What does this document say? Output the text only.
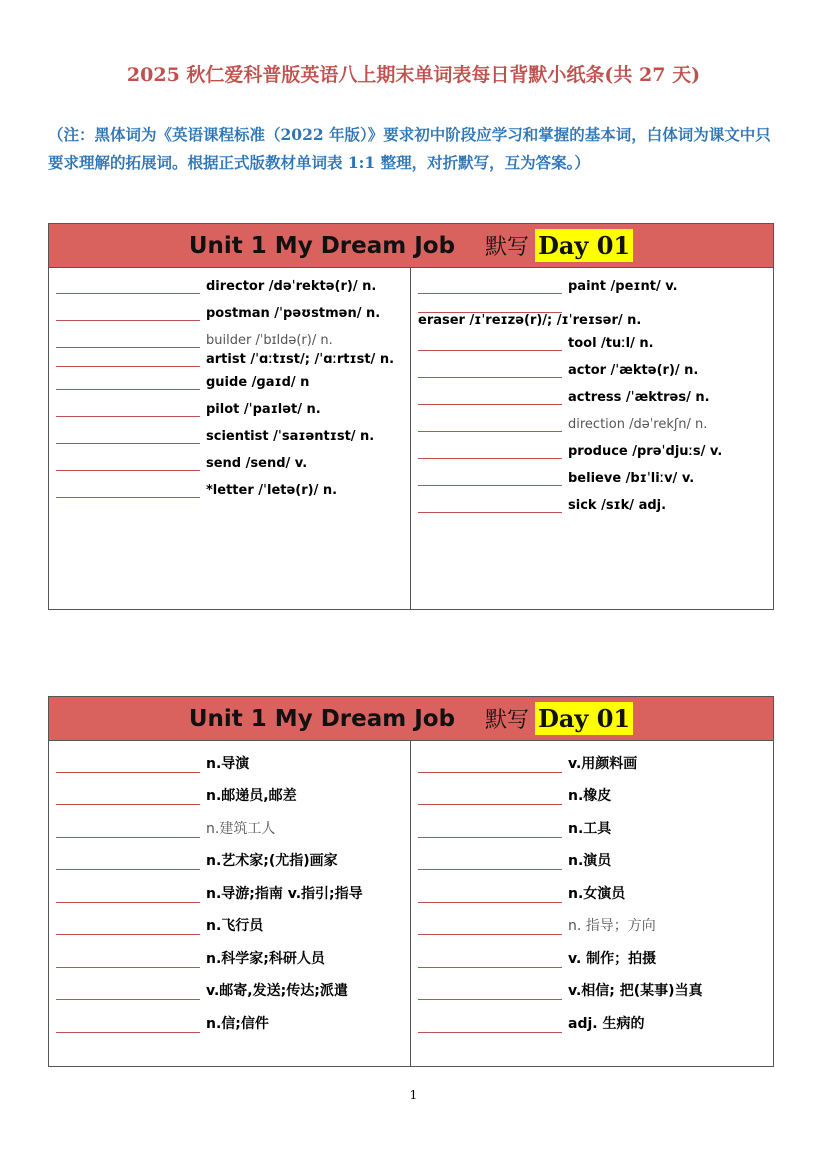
2025 秋仁爱科普版英语八上期末单词表每日背默小纸条(共 27 天)
（注：黑体词为《英语课程标准（2022 年版）》要求初中阶段应学习和掌握的基本词，白体词为课文中只要求理解的拓展词。根据正式版教材单词表 1:1 整理，对折默写，互为答案。）
Unit 1 My Dream Job 默写 Day 01
director /dəˈrektə(r)/ n.
postman /ˈpəʊstmən/ n.
builder /ˈbɪldə(r)/ n.
artist /ˈɑːtɪst/; /ˈɑːrtɪst/ n.
guide /ɡaɪd/ n
pilot /ˈpaɪlət/ n.
scientist /ˈsaɪəntɪst/ n.
send /send/ v.
*letter /ˈletə(r)/ n.
paint /peɪnt/ v.
eraser /ɪˈreɪzə(r)/; /ɪˈreɪsər/ n.
tool /tuːl/ n.
actor /ˈæktə(r)/ n.
actress /ˈæktrəs/ n.
direction /dəˈrekʃn/ n.
produce /prəˈdjuːs/ v.
believe /bɪˈliːv/ v.
sick /sɪk/ adj.
Unit 1 My Dream Job 默写 Day 01
n.导演
n.邮递员,邮差
n.建筑工人
n.艺术家;(尤指)画家
n.导游;指南 v.指引;指导
n.飞行员
n.科学家;科研人员
v.邮寄,发送;传达;派遣
n.信;信件
v.用颜料画
n.橡皮
n.工具
n.演员
n.女演员
n. 指导；方向
v. 制作；拍摄
v.相信; 把(某事)当真
adj. 生病的
1
